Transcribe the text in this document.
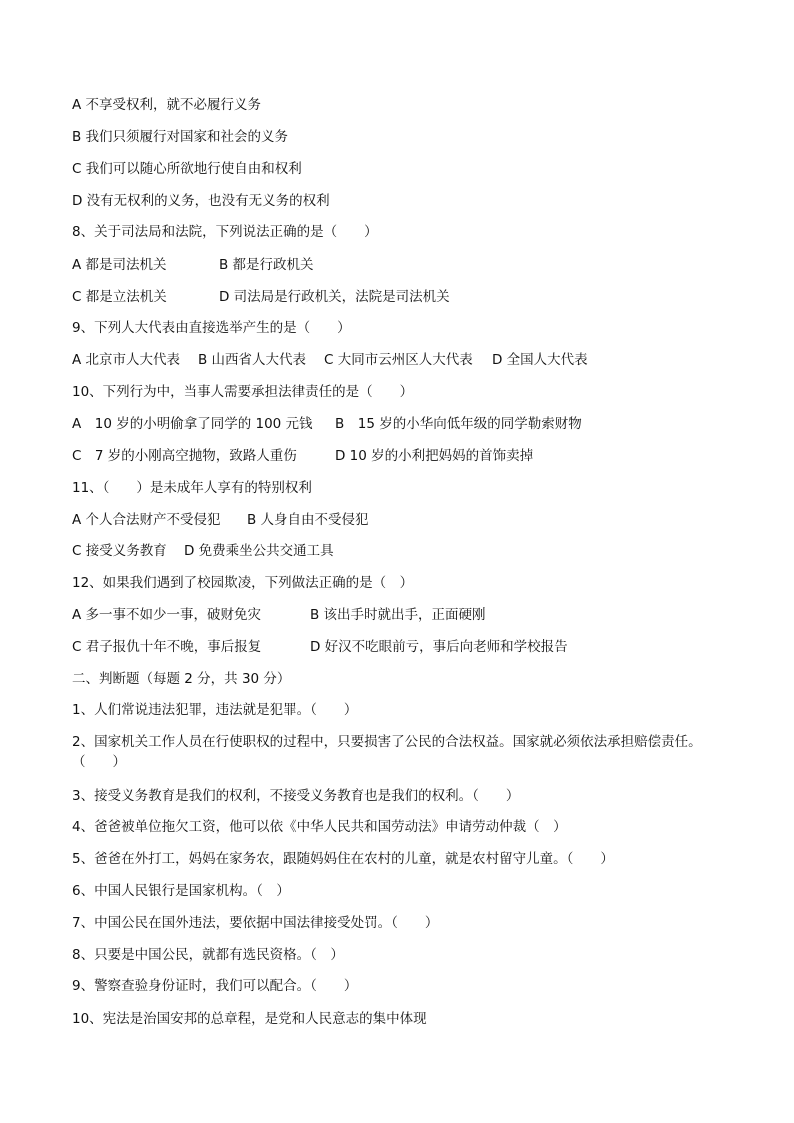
A 不享受权利，就不必履行义务
B 我们只须履行对国家和社会的义务
C 我们可以随心所欲地行使自由和权利
D 没有无权利的义务，也没有无义务的权利
8、关于司法局和法院，下列说法正确的是（　　）
A 都是司法机关	B 都是行政机关
C 都是立法机关	D 司法局是行政机关，法院是司法机关
9、下列人大代表由直接选举产生的是（　　）
A 北京市人大代表 B 山西省人大代表 C 大同市云州区人大代表 D 全国人大代表
10、下列行为中，当事人需要承担法律责任的是（　　）
A　10 岁的小明偷拿了同学的 100 元钱 B　15 岁的小华向低年级的同学勒索财物
C　7 岁的小刚高空抛物，致路人重伤	D 10 岁的小利把妈妈的首饰卖掉
11、（　　）是未成年人享有的特别权利
A 个人合法财产不受侵犯 B 人身自由不受侵犯
C 接受义务教育 D 免费乘坐公共交通工具
12、如果我们遇到了校园欺凌，下列做法正确的是（　）
A 多一事不如少一事，破财免灾	B 该出手时就出手，正面硬刚
C 君子报仇十年不晚，事后报复	D 好汉不吃眼前亏，事后向老师和学校报告
二、判断题（每题 2 分，共 30 分）
1、人们常说违法犯罪，违法就是犯罪。（　　）
2、国家机关工作人员在行使职权的过程中，只要损害了公民的合法权益。国家就必须依法承担赔偿责任。（　　）
3、接受义务教育是我们的权利，不接受义务教育也是我们的权利。（　　）
4、爸爸被单位拖欠工资，他可以依《中华人民共和国劳动法》申请劳动仲裁（　）
5、爸爸在外打工，妈妈在家务农，跟随妈妈住在农村的儿童，就是农村留守儿童。（　　）
6、中国人民银行是国家机构。（　）
7、中国公民在国外违法，要依据中国法律接受处罚。（　　）
8、只要是中国公民，就都有选民资格。（　）
9、警察查验身份证时，我们可以配合。（　　）
10、宪法是治国安邦的总章程，是党和人民意志的集中体现
